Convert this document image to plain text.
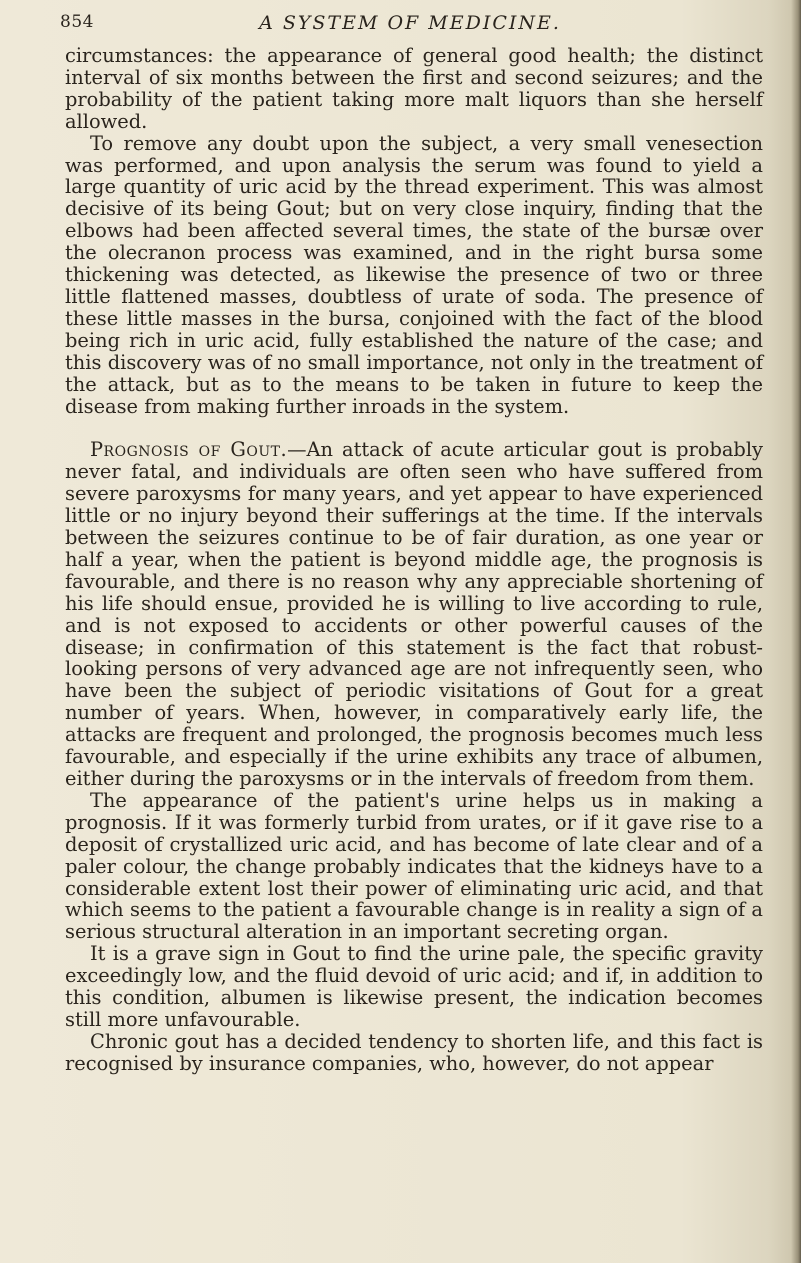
854	A SYSTEM OF MEDICINE.

circumstances: the appearance of general good health; the distinct interval of six months between the first and second seizures; and the probability of the patient taking more malt liquors than she herself allowed.

To remove any doubt upon the subject, a very small venesection was performed, and upon analysis the serum was found to yield a large quantity of uric acid by the thread experiment. This was almost decisive of its being Gout; but on very close inquiry, finding that the elbows had been affected several times, the state of the bursæ over the olecranon process was examined, and in the right bursa some thickening was detected, as likewise the presence of two or three little flattened masses, doubtless of urate of soda. The presence of these little masses in the bursa, conjoined with the fact of the blood being rich in uric acid, fully established the nature of the case; and this discovery was of no small importance, not only in the treatment of the attack, but as to the means to be taken in future to keep the disease from making further inroads in the system.

Prognosis of Gout.—An attack of acute articular gout is probably never fatal, and individuals are often seen who have suffered from severe paroxysms for many years, and yet appear to have experienced little or no injury beyond their sufferings at the time. If the intervals between the seizures continue to be of fair duration, as one year or half a year, when the patient is beyond middle age, the prognosis is favourable, and there is no reason why any appreciable shortening of his life should ensue, provided he is willing to live according to rule, and is not exposed to accidents or other powerful causes of the disease; in confirmation of this statement is the fact that robust-looking persons of very advanced age are not infrequently seen, who have been the subject of periodic visitations of Gout for a great number of years. When, however, in comparatively early life, the attacks are frequent and prolonged, the prognosis becomes much less favourable, and especially if the urine exhibits any trace of albumen, either during the paroxysms or in the intervals of freedom from them.

The appearance of the patient's urine helps us in making a prognosis. If it was formerly turbid from urates, or if it gave rise to a deposit of crystallized uric acid, and has become of late clear and of a paler colour, the change probably indicates that the kidneys have to a considerable extent lost their power of eliminating uric acid, and that which seems to the patient a favourable change is in reality a sign of a serious structural alteration in an important secreting organ.

It is a grave sign in Gout to find the urine pale, the specific gravity exceedingly low, and the fluid devoid of uric acid; and if, in addition to this condition, albumen is likewise present, the indication becomes still more unfavourable.

Chronic gout has a decided tendency to shorten life, and this fact is recognised by insurance companies, who, however, do not appear
